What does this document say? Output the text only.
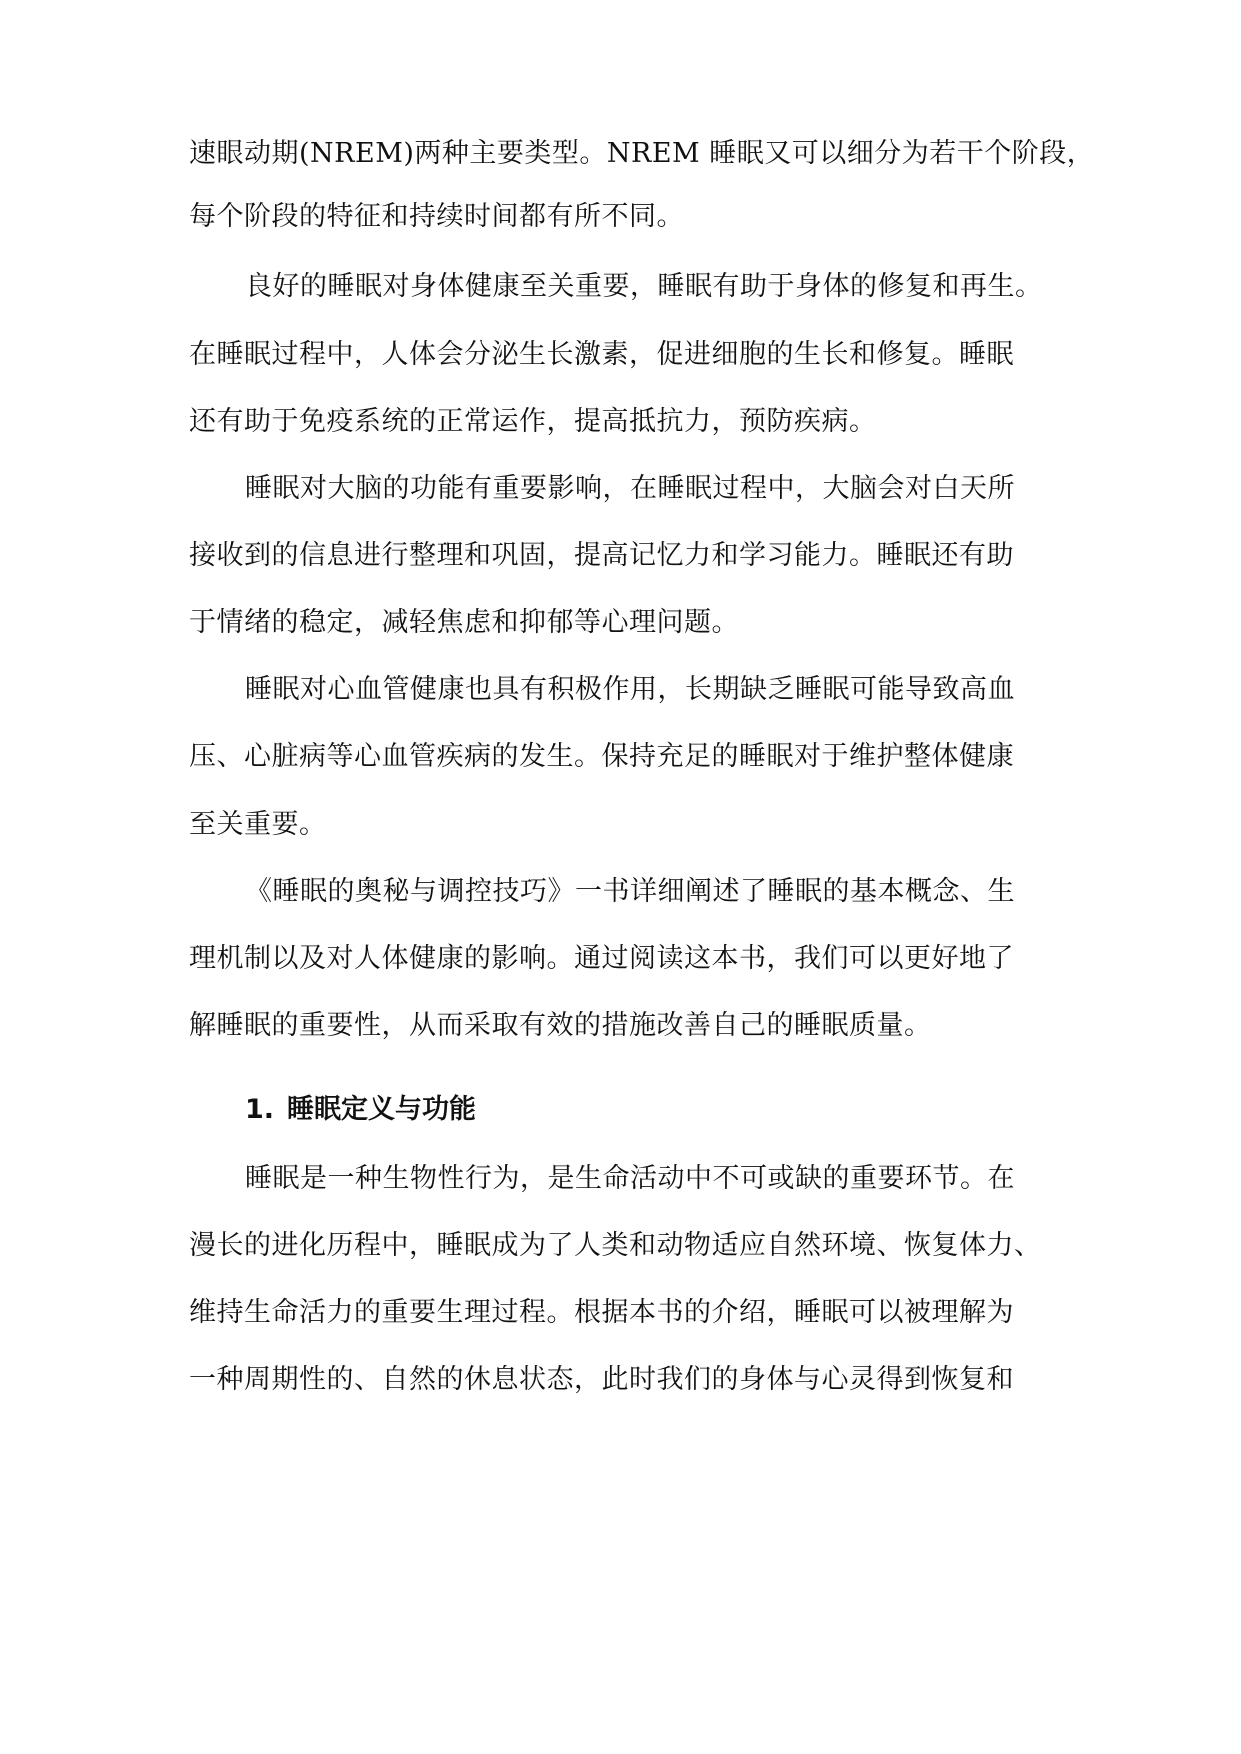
速眼动期(NREM)两种主要类型。NREM 睡眠又可以细分为若干个阶段，
每个阶段的特征和持续时间都有所不同。
良好的睡眠对身体健康至关重要，睡眠有助于身体的修复和再生。
在睡眠过程中，人体会分泌生长激素，促进细胞的生长和修复。睡眠
还有助于免疫系统的正常运作，提高抵抗力，预防疾病。
睡眠对大脑的功能有重要影响，在睡眠过程中，大脑会对白天所
接收到的信息进行整理和巩固，提高记忆力和学习能力。睡眠还有助
于情绪的稳定，减轻焦虑和抑郁等心理问题。
睡眠对心血管健康也具有积极作用，长期缺乏睡眠可能导致高血
压、心脏病等心血管疾病的发生。保持充足的睡眠对于维护整体健康
至关重要。
《睡眠的奥秘与调控技巧》一书详细阐述了睡眠的基本概念、生
理机制以及对人体健康的影响。通过阅读这本书，我们可以更好地了
解睡眠的重要性，从而采取有效的措施改善自己的睡眠质量。
1. 睡眠定义与功能
睡眠是一种生物性行为，是生命活动中不可或缺的重要环节。在
漫长的进化历程中，睡眠成为了人类和动物适应自然环境、恢复体力、
维持生命活力的重要生理过程。根据本书的介绍，睡眠可以被理解为
一种周期性的、自然的休息状态，此时我们的身体与心灵得到恢复和
